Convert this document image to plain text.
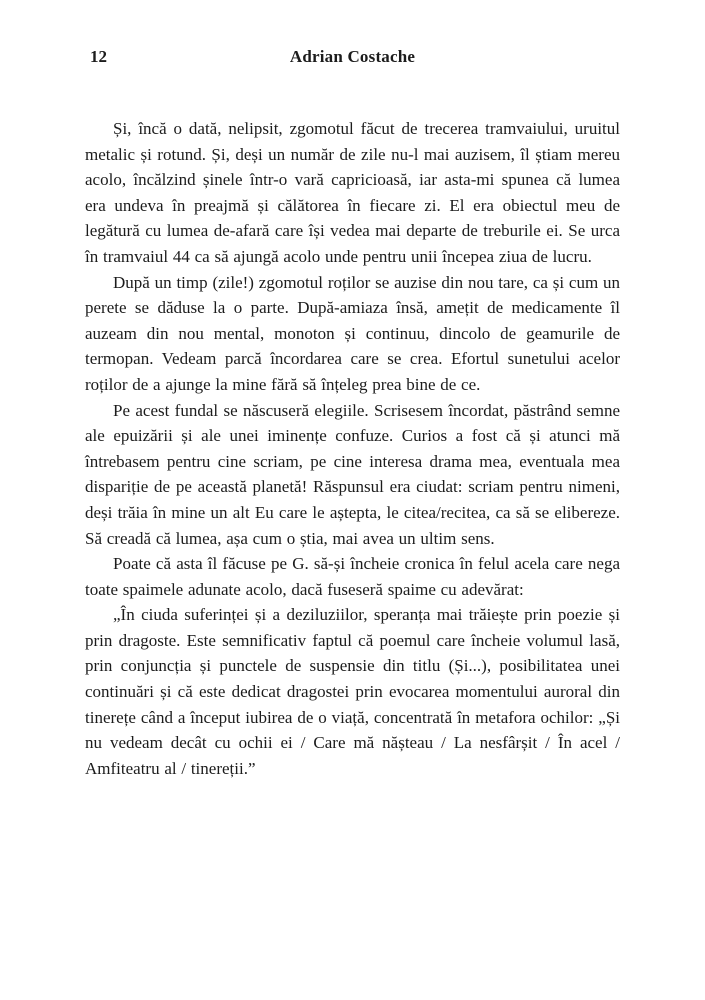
12	Adrian Costache

Și, încă o dată, nelipsit, zgomotul făcut de trecerea tramvaiului, uruitul metalic și rotund. Și, deși un număr de zile nu-l mai auzisem, îl știam mereu acolo, încălzind șinele într-o vară capricioasă, iar asta-mi spunea că lumea era undeva în preajmă și călătorea în fiecare zi. El era obiectul meu de legătură cu lumea de-afară care își vedea mai departe de treburile ei. Se urca în tramvaiul 44 ca să ajungă acolo unde pentru unii începea ziua de lucru.

După un timp (zile!) zgomotul roților se auzise din nou tare, ca și cum un perete se dăduse la o parte. După-amiaza însă, amețit de medicamente îl auzeam din nou mental, monoton și continuu, dincolo de geamurile de termopan. Vedeam parcă încordarea care se crea. Efortul sunetului acelor roților de a ajunge la mine fără să înțeleg prea bine de ce.

Pe acest fundal se născuseră elegiile. Scrisesem încordat, păstrând semne ale epuizării și ale unei iminențe confuze. Curios a fost că și atunci mă întrebasem pentru cine scriam, pe cine interesa drama mea, eventuala mea dispariție de pe această planetă! Răspunsul era ciudat: scriam pentru nimeni, deși trăia în mine un alt Eu care le aștepta, le citea/recitea, ca să se elibereze. Să creadă că lumea, așa cum o știa, mai avea un ultim sens.

Poate că asta îl făcuse pe G. să-și încheie cronica în felul acela care nega toate spaimele adunate acolo, dacă fuseseră spaime cu adevărat:

„În ciuda suferinței și a deziluziilor, speranța mai trăiește prin poezie și prin dragoste. Este semnificativ faptul că poemul care încheie volumul lasă, prin conjuncția și punctele de suspensie din titlu (Și...), posibilitatea unei continuări și că este dedicat dragostei prin evocarea momentului auroral din tinerețe când a început iubirea de o viață, concentrată în metafora ochilor: „Și nu vedeam decât cu ochii ei / Care mă nășteau / La nesfârșit / În acel / Amfiteatru al / tinereții.”
